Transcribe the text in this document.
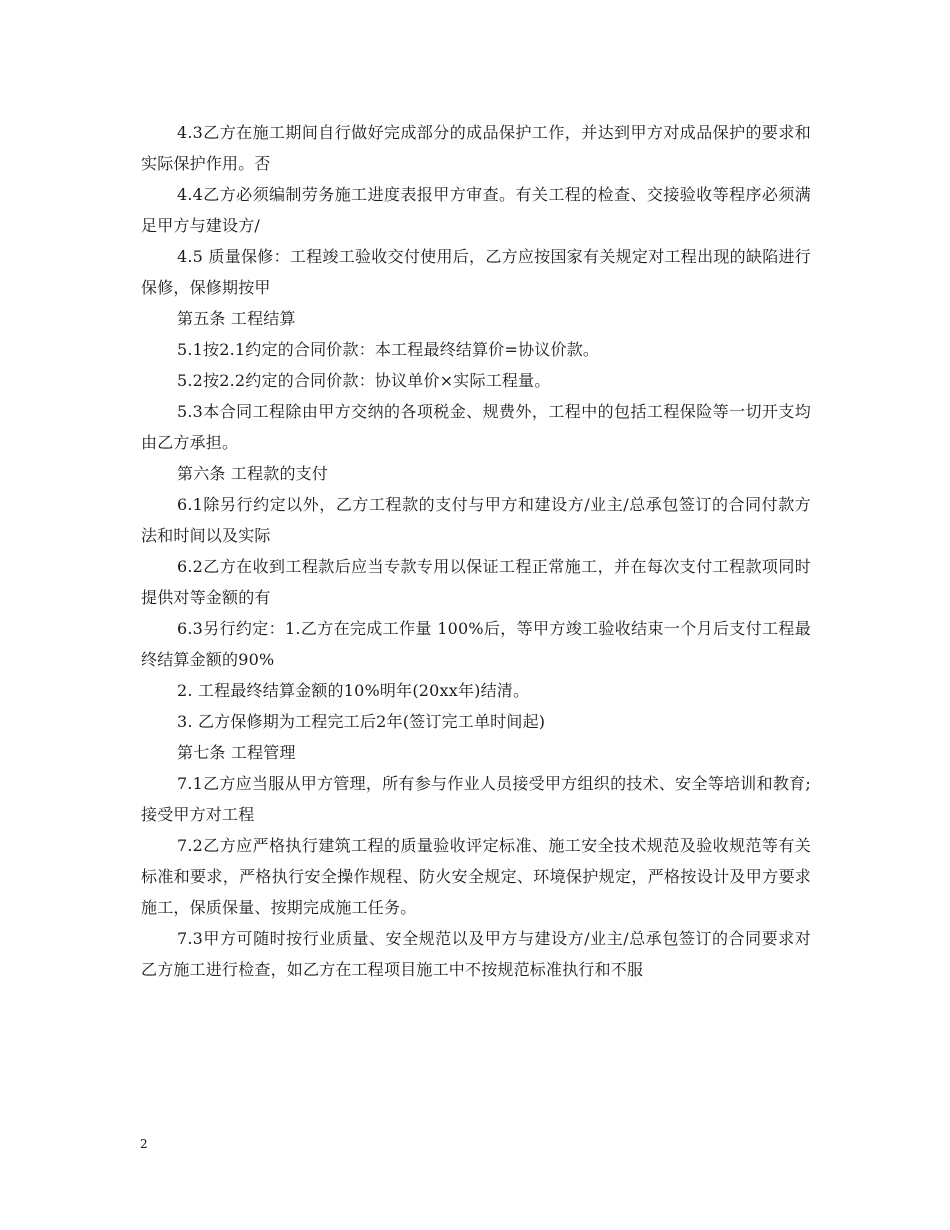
4.3乙方在施工期间自行做好完成部分的成品保护工作，并达到甲方对成品保护的要求和实际保护作用。否

4.4乙方必须编制劳务施工进度表报甲方审查。有关工程的检查、交接验收等程序必须满足甲方与建设方/

4.5 质量保修：工程竣工验收交付使用后，乙方应按国家有关规定对工程出现的缺陷进行保修，保修期按甲

第五条 工程结算

5.1按2.1约定的合同价款：本工程最终结算价=协议价款。

5.2按2.2约定的合同价款：协议单价×实际工程量。

5.3本合同工程除由甲方交纳的各项税金、规费外，工程中的包括工程保险等一切开支均由乙方承担。

第六条 工程款的支付

6.1除另行约定以外，乙方工程款的支付与甲方和建设方/业主/总承包签订的合同付款方法和时间以及实际

6.2乙方在收到工程款后应当专款专用以保证工程正常施工，并在每次支付工程款项同时提供对等金额的有

6.3另行约定：1.乙方在完成工作量 100%后，等甲方竣工验收结束一个月后支付工程最终结算金额的90%

2. 工程最终结算金额的10%明年(20xx年)结清。

3. 乙方保修期为工程完工后2年(签订完工单时间起)

第七条 工程管理

7.1乙方应当服从甲方管理，所有参与作业人员接受甲方组织的技术、安全等培训和教育;接受甲方对工程

7.2乙方应严格执行建筑工程的质量验收评定标准、施工安全技术规范及验收规范等有关标准和要求，严格执行安全操作规程、防火安全规定、环境保护规定，严格按设计及甲方要求施工，保质保量、按期完成施工任务。

7.3甲方可随时按行业质量、安全规范以及甲方与建设方/业主/总承包签订的合同要求对乙方施工进行检查，如乙方在工程项目施工中不按规范标准执行和不服

2
